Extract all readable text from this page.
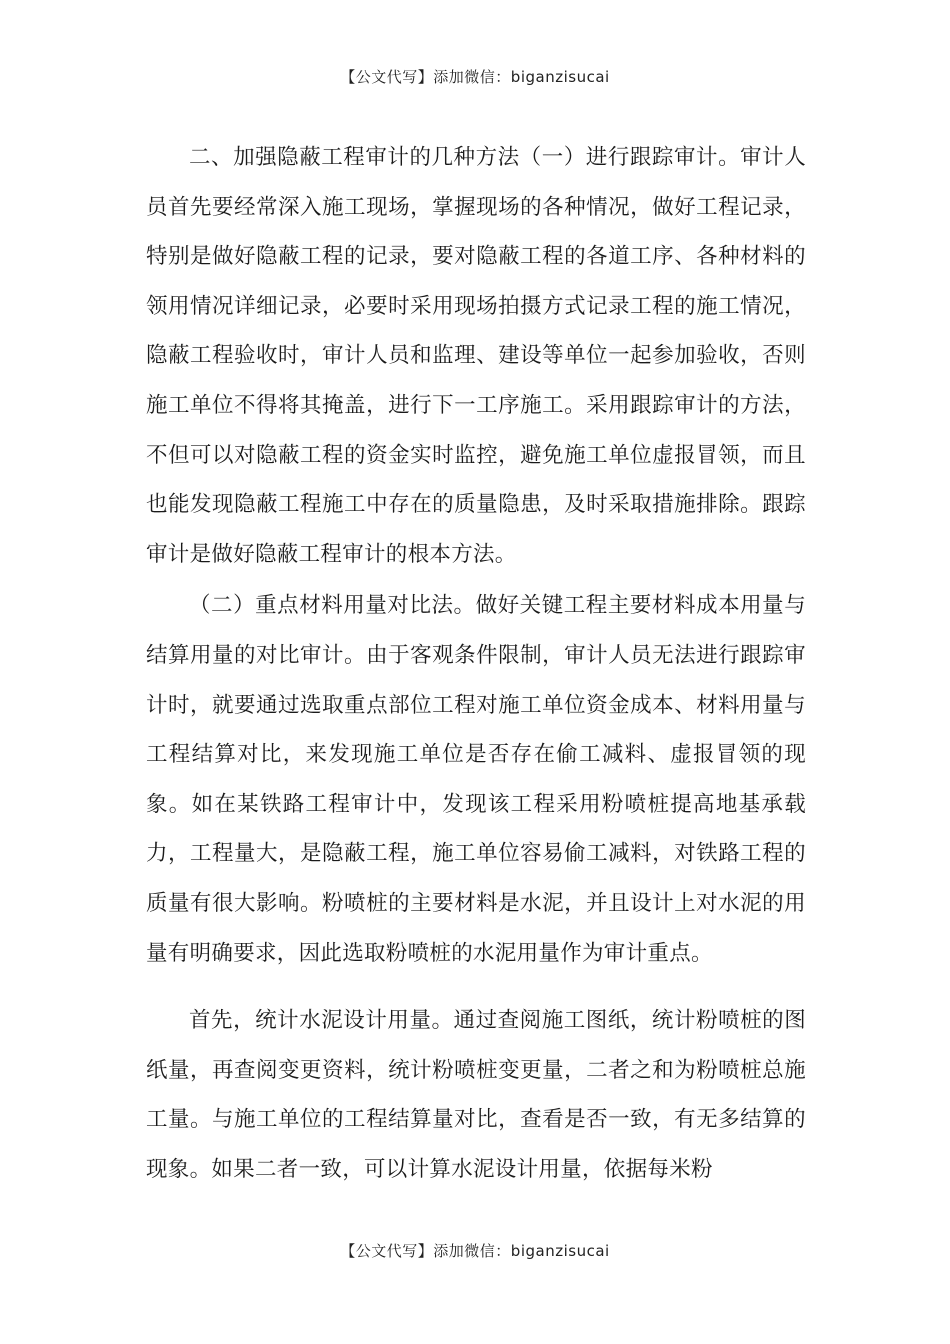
【公文代写】添加微信：biganzisucai

二、加强隐蔽工程审计的几种方法（一）进行跟踪审计。审计人员首先要经常深入施工现场，掌握现场的各种情况，做好工程记录，特别是做好隐蔽工程的记录，要对隐蔽工程的各道工序、各种材料的领用情况详细记录，必要时采用现场拍摄方式记录工程的施工情况，隐蔽工程验收时，审计人员和监理、建设等单位一起参加验收，否则施工单位不得将其掩盖，进行下一工序施工。采用跟踪审计的方法，不但可以对隐蔽工程的资金实时监控，避免施工单位虚报冒领，而且也能发现隐蔽工程施工中存在的质量隐患，及时采取措施排除。跟踪审计是做好隐蔽工程审计的根本方法。

（二）重点材料用量对比法。做好关键工程主要材料成本用量与结算用量的对比审计。由于客观条件限制，审计人员无法进行跟踪审计时，就要通过选取重点部位工程对施工单位资金成本、材料用量与工程结算对比，来发现施工单位是否存在偷工减料、虚报冒领的现象。如在某铁路工程审计中，发现该工程采用粉喷桩提高地基承载力，工程量大，是隐蔽工程，施工单位容易偷工减料，对铁路工程的质量有很大影响。粉喷桩的主要材料是水泥，并且设计上对水泥的用量有明确要求，因此选取粉喷桩的水泥用量作为审计重点。

首先，统计水泥设计用量。通过查阅施工图纸，统计粉喷桩的图纸量，再查阅变更资料，统计粉喷桩变更量，二者之和为粉喷桩总施工量。与施工单位的工程结算量对比，查看是否一致，有无多结算的现象。如果二者一致，可以计算水泥设计用量，依据每米粉

【公文代写】添加微信：biganzisucai
